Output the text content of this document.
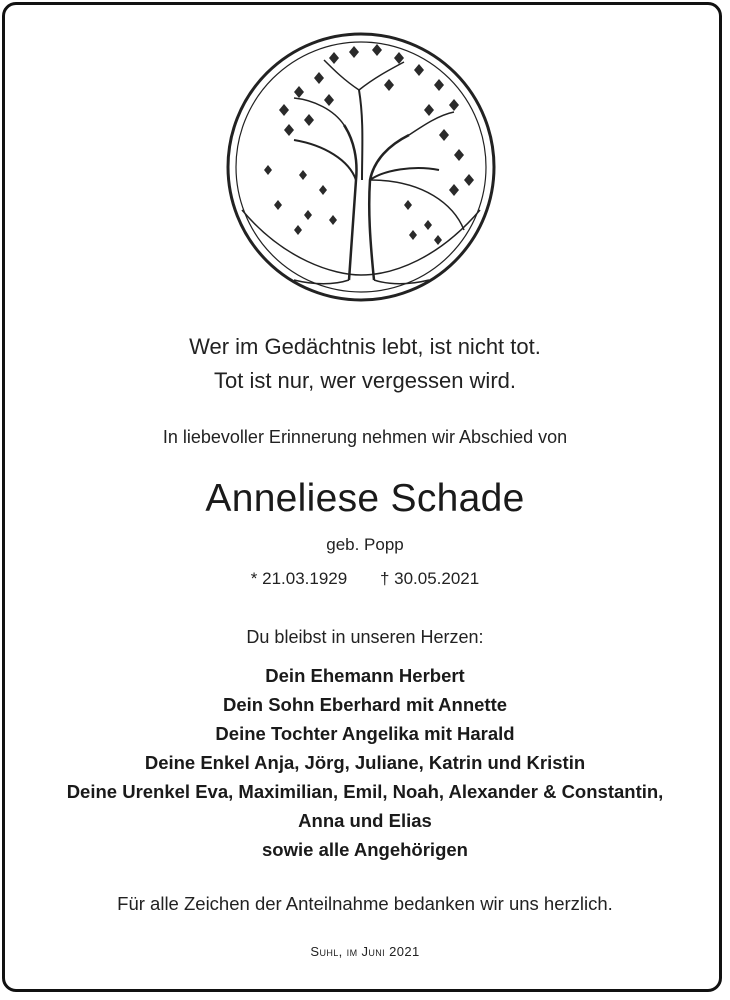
Wer im Gedächtnis lebt, ist nicht tot.
Tot ist nur, wer vergessen wird.
In liebevoller Erinnerung nehmen wir Abschied von
Anneliese Schade
geb. Popp
* 21.03.1929 † 30.05.2021
Du bleibst in unseren Herzen:
Dein Ehemann Herbert
Dein Sohn Eberhard mit Annette
Deine Tochter Angelika mit Harald
Deine Enkel Anja, Jörg, Juliane, Katrin und Kristin
Deine Urenkel Eva, Maximilian, Emil, Noah, Alexander & Constantin,
Anna und Elias
sowie alle Angehörigen
Für alle Zeichen der Anteilnahme bedanken wir uns herzlich.
Suhl, im Juni 2021
